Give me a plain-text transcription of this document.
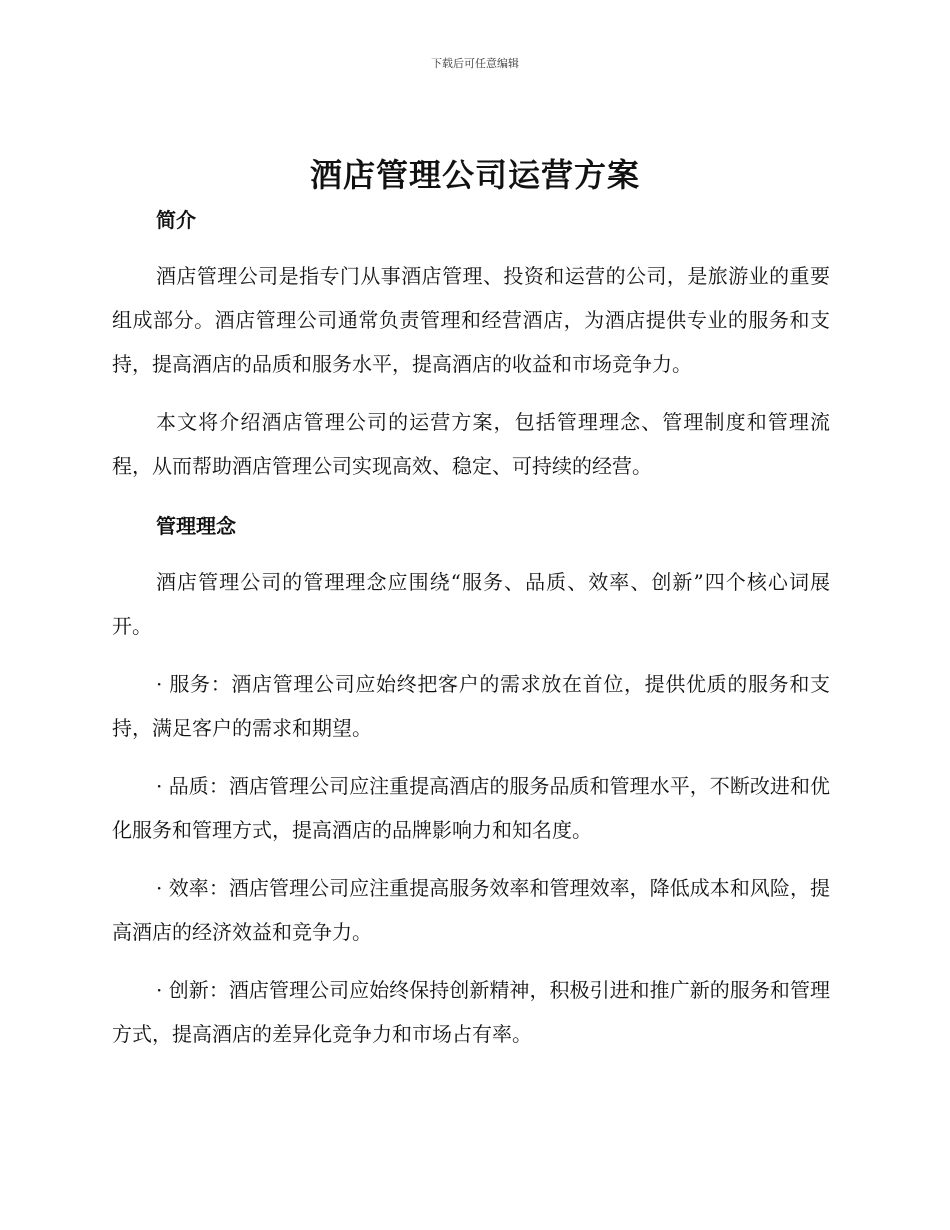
下载后可任意编辑
酒店管理公司运营方案
简介

酒店管理公司是指专门从事酒店管理、投资和运营的公司，是旅游业的重要组成部分。酒店管理公司通常负责管理和经营酒店，为酒店提供专业的服务和支持，提高酒店的品质和服务水平，提高酒店的收益和市场竞争力。

本文将介绍酒店管理公司的运营方案，包括管理理念、管理制度和管理流程，从而帮助酒店管理公司实现高效、稳定、可持续的经营。

管理理念

酒店管理公司的管理理念应围绕“服务、品质、效率、创新”四个核心词展开。

· 服务：酒店管理公司应始终把客户的需求放在首位，提供优质的服务和支持，满足客户的需求和期望。

· 品质：酒店管理公司应注重提高酒店的服务品质和管理水平，不断改进和优化服务和管理方式，提高酒店的品牌影响力和知名度。

· 效率：酒店管理公司应注重提高服务效率和管理效率，降低成本和风险，提高酒店的经济效益和竞争力。

· 创新：酒店管理公司应始终保持创新精神，积极引进和推广新的服务和管理方式，提高酒店的差异化竞争力和市场占有率。
